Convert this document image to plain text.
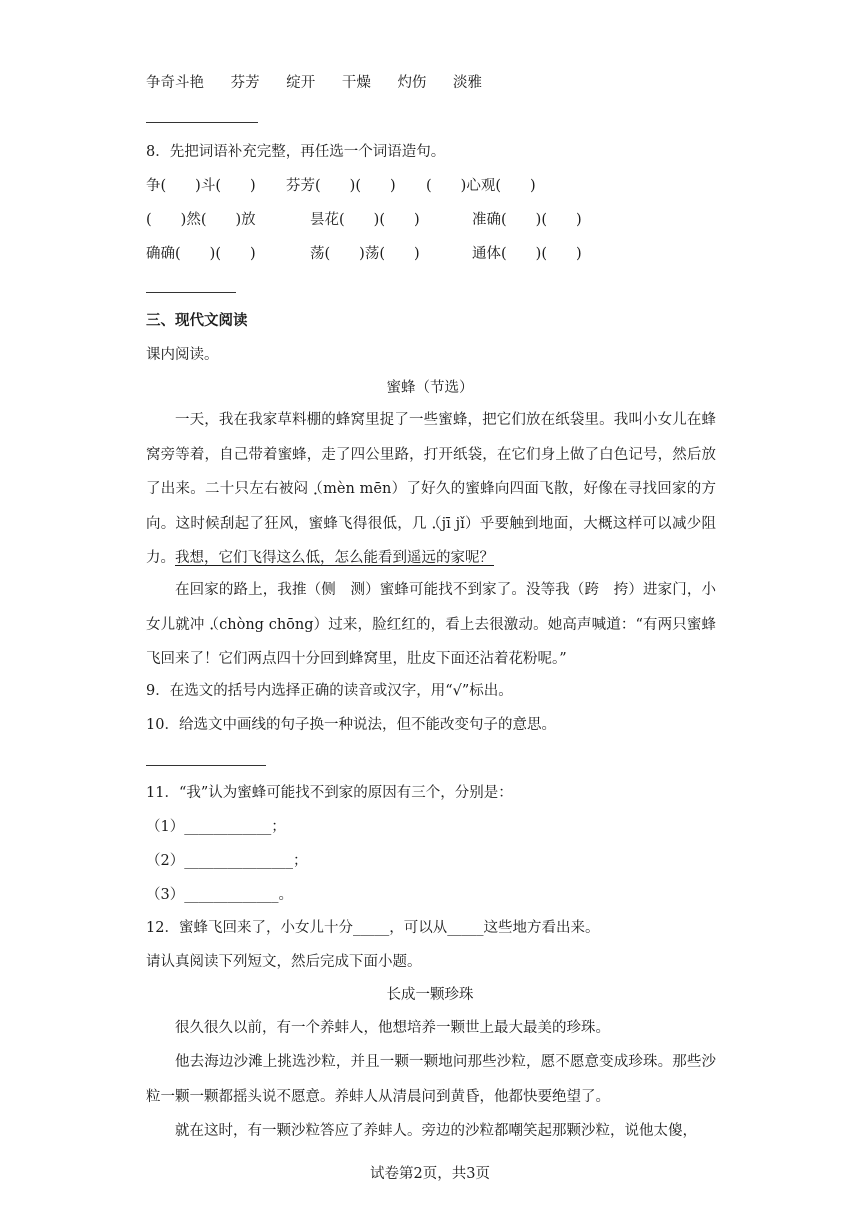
争奇斗艳 芬芳 绽开 干燥 灼伤 淡雅
8．先把词语补充完整，再任选一个词语造句。
争(　　)斗(　　) 芬芳(　　)(　　) (　　)心观(　　)
(　　)然(　　)放	昙花(　　)(　　)	准确(　　)(　　)
确确(　　)(　　)	荡(　　)荡(　　)	通体(　　)(　　)
三、现代文阅读
课内阅读。
蜜蜂（节选）
一天，我在我家草料棚的蜂窝里捉了一些蜜蜂，把它们放在纸袋里。我叫小女儿在蜂窝旁等着，自己带着蜜蜂，走了四公里路，打开纸袋，在它们身上做了白色记号，然后放了出来。二十只左右被闷（mèn mēn）了好久的蜜蜂向四面飞散，好像在寻找回家的方向。这时候刮起了狂风，蜜蜂飞得很低，几（jī jǐ）乎要触到地面，大概这样可以减少阻力。我想，它们飞得这么低，怎么能看到遥远的家呢？
在回家的路上，我推（侧　测）蜜蜂可能找不到家了。没等我（跨　挎）进家门，小女儿就冲（chòng chōng）过来，脸红红的，看上去很激动。她高声喊道：“有两只蜜蜂飞回来了！它们两点四十分回到蜂窝里，肚皮下面还沾着花粉呢。”
9．在选文的括号内选择正确的读音或汉字，用“√”标出。
10．给选文中画线的句子换一种说法，但不能改变句子的意思。
11．“我”认为蜜蜂可能找不到家的原因有三个，分别是：
（1）____________；
（2）_______________；
（3）_____________。
12．蜜蜂飞回来了，小女儿十分_____，可以从_____这些地方看出来。
请认真阅读下列短文，然后完成下面小题。
长成一颗珍珠
很久很久以前，有一个养蚌人，他想培养一颗世上最大最美的珍珠。
他去海边沙滩上挑选沙粒，并且一颗一颗地问那些沙粒，愿不愿意变成珍珠。那些沙粒一颗一颗都摇头说不愿意。养蚌人从清晨问到黄昏，他都快要绝望了。
就在这时，有一颗沙粒答应了养蚌人。旁边的沙粒都嘲笑起那颗沙粒，说他太傻，
试卷第2页，共3页
